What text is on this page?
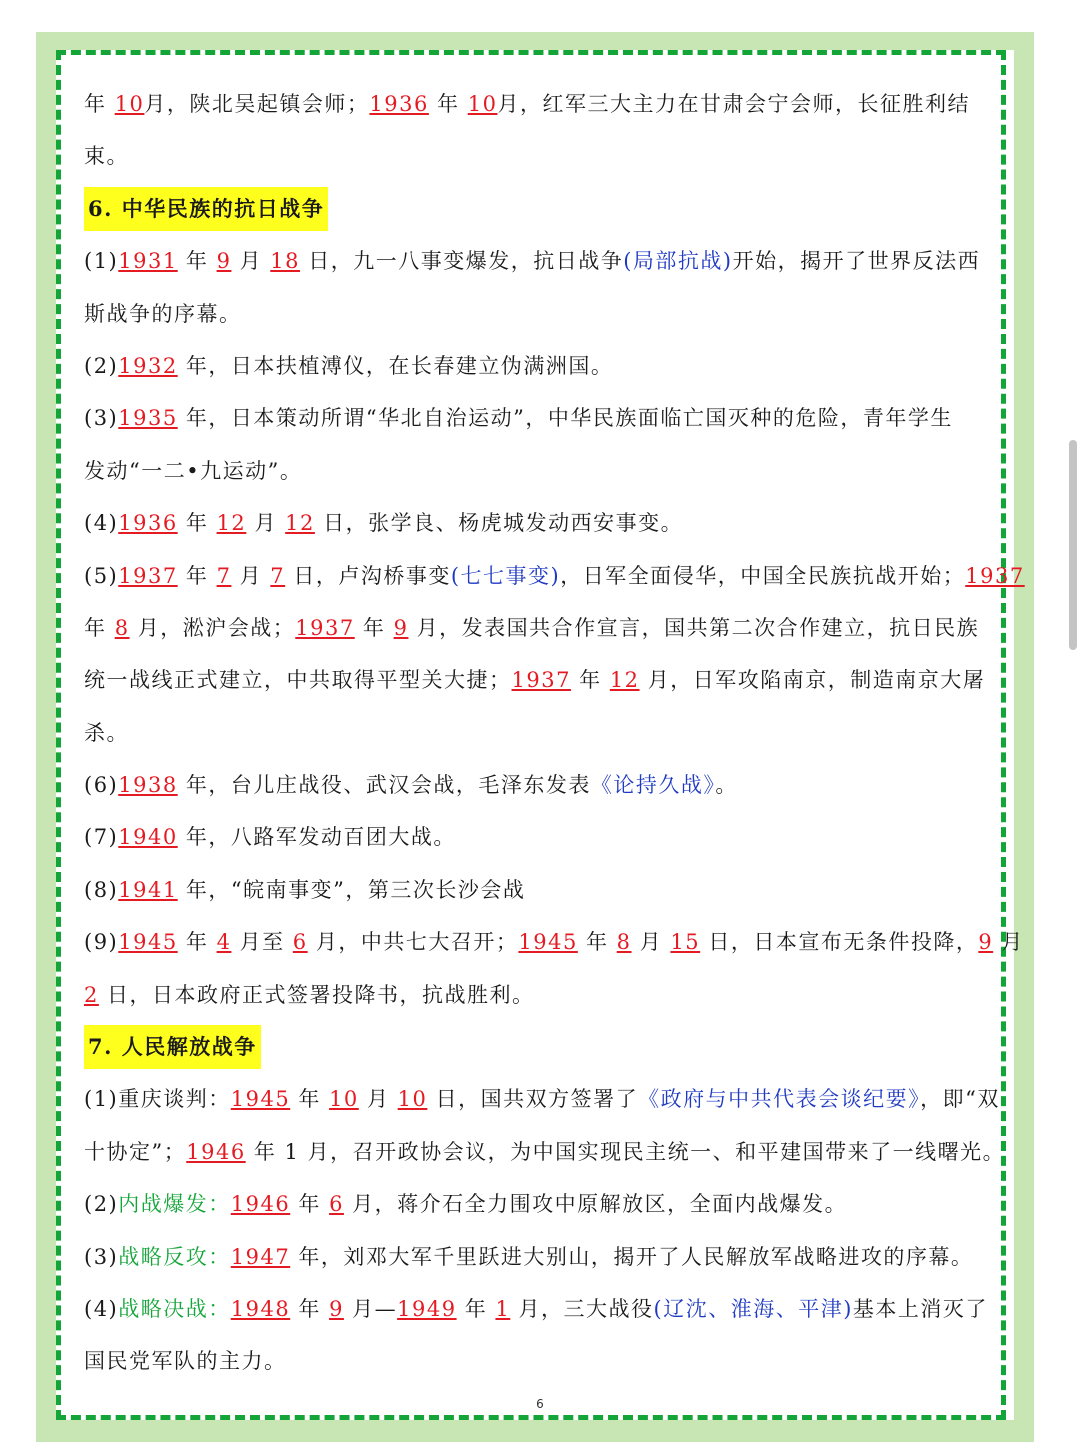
年 10月，陕北吴起镇会师；1936 年 10月，红军三大主力在甘肃会宁会师，长征胜利结
束。
6. 中华民族的抗日战争
(1)1931 年 9 月 18 日，九一八事变爆发，抗日战争(局部抗战)开始，揭开了世界反法西
斯战争的序幕。
(2)1932 年，日本扶植溥仪，在长春建立伪满洲国。
(3)1935 年，日本策动所谓“华北自治运动”，中华民族面临亡国灭种的危险，青年学生
发动“一二•九运动”。
(4)1936 年 12 月 12 日，张学良、杨虎城发动西安事变。
(5)1937 年 7 月 7 日，卢沟桥事变(七七事变)，日军全面侵华，中国全民族抗战开始；1937
年 8 月，淞沪会战；1937 年 9 月，发表国共合作宣言，国共第二次合作建立，抗日民族
统一战线正式建立，中共取得平型关大捷；1937 年 12 月，日军攻陷南京，制造南京大屠
杀。
(6)1938 年，台儿庄战役、武汉会战，毛泽东发表《论持久战》。
(7)1940 年，八路军发动百团大战。
(8)1941 年，“皖南事变”，第三次长沙会战
(9)1945 年 4 月至 6 月，中共七大召开；1945 年 8 月 15 日，日本宣布无条件投降，9 月
2 日，日本政府正式签署投降书，抗战胜利。
7. 人民解放战争
(1)重庆谈判：1945 年 10 月 10 日，国共双方签署了《政府与中共代表会谈纪要》，即“双
十协定”；1946 年 1 月，召开政协会议，为中国实现民主统一、和平建国带来了一线曙光。
(2)内战爆发：1946 年 6 月，蒋介石全力围攻中原解放区，全面内战爆发。
(3)战略反攻：1947 年，刘邓大军千里跃进大别山，揭开了人民解放军战略进攻的序幕。
(4)战略决战：1948 年 9 月—1949 年 1 月，三大战役(辽沈、淮海、平津)基本上消灭了
国民党军队的主力。
6
